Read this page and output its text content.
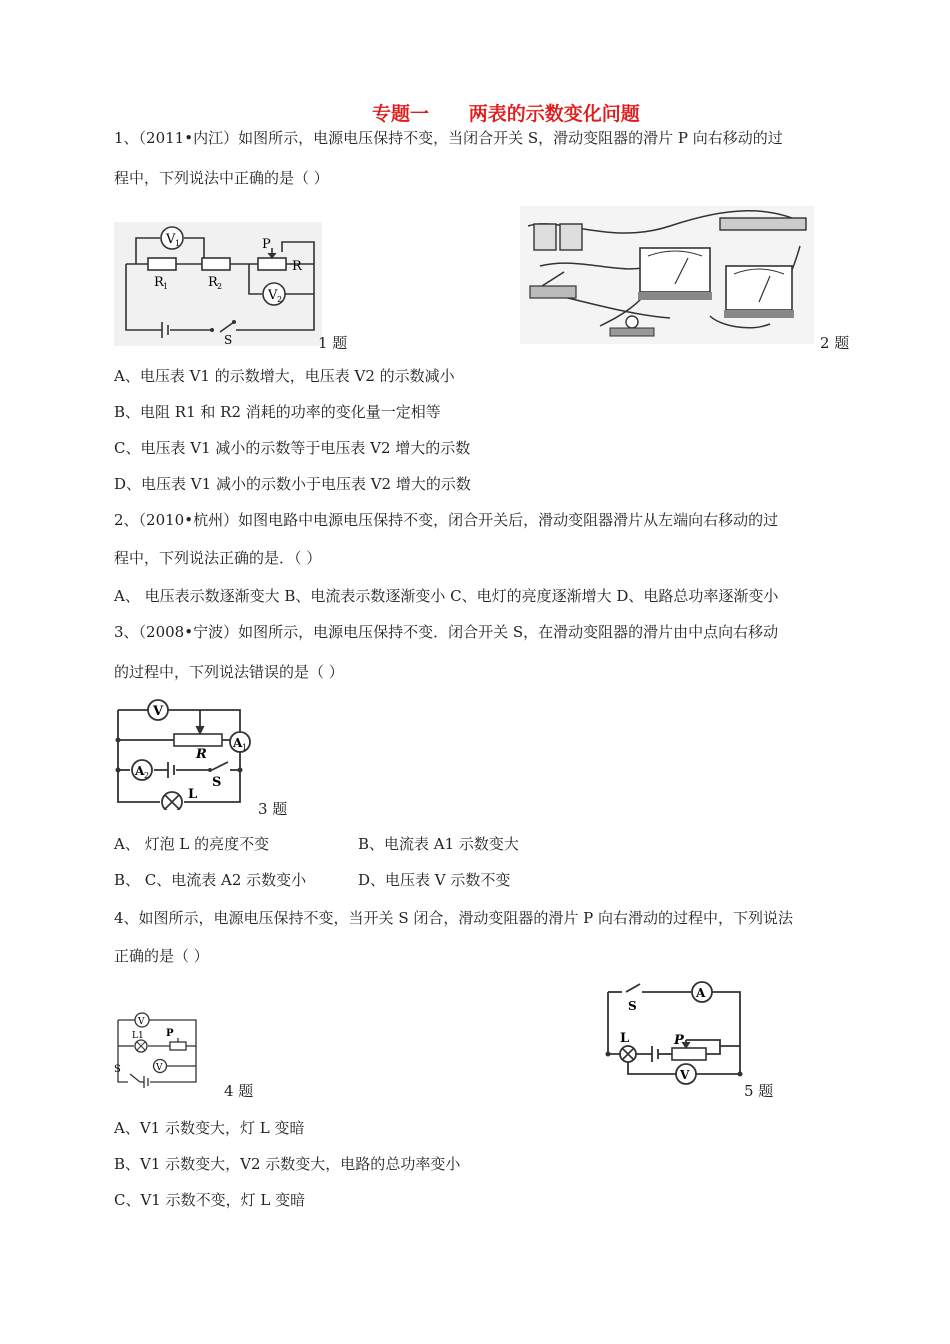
专题一      两表的示数变化问题
1、（2011•内江）如图所示，电源电压保持不变，当闭合开关 S，滑动变阻器的滑片 P 向右移动的过
程中，下列说法中正确的是（ ）
V 1
V 2
R 1	R 2
P
R
S	1 题	2 题
A、电压表 V1 的示数增大，电压表 V2 的示数减小
B、电阻 R1 和 R2 消耗的功率的变化量一定相等
C、电压表 V1 减小的示数等于电压表 V2 增大的示数
D、电压表 V1 减小的示数小于电压表 V2 增大的示数
2、（2010•杭州）如图电路中电源电压保持不变，闭合开关后，滑动变阻器滑片从左端向右移动的过
程中，下列说法正确的是．（ ）
A、 电压表示数逐渐变大 B、电流表示数逐渐变小 C、电灯的亮度逐渐增大 D、电路总功率逐渐变小
3、（2008•宁波）如图所示，电源电压保持不变．闭合开关 S，在滑动变阻器的滑片由中点向右移动
的过程中，下列说法错误的是（ ）
V
A 1
A 2
R
S
L
3 题
A、 灯泡 L 的亮度不变	B、电流表 A1 示数变大
B、 C、电流表 A2 示数变小	D、电压表 V 示数不变
4、如图所示，电源电压保持不变，当开关 S 闭合，滑动变阻器的滑片 P 向右滑动的过程中，下列说法
正确的是（ ）
V
V
L1 P
S
4 题
A
V
S
L	P
5 题
A、V1 示数变大，灯 L 变暗
B、V1 示数变大，V2 示数变大，电路的总功率变小
C、V1 示数不变，灯 L 变暗
